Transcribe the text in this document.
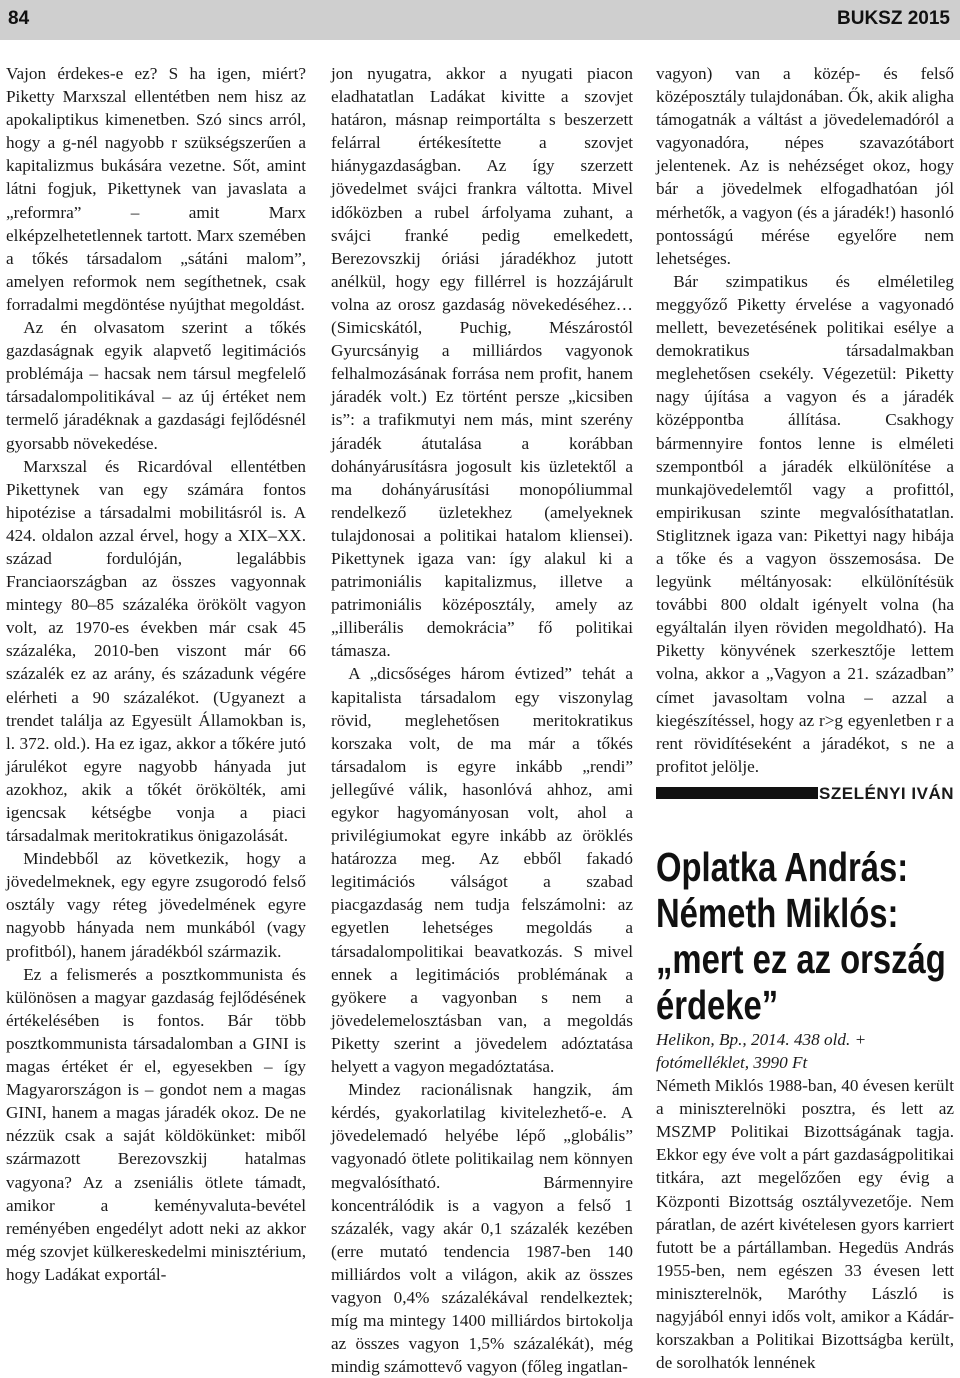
84	BUKSZ 2015

Vajon érdekes-e ez? S ha igen, miért? Piketty Marxszal ellentétben nem hisz az apokaliptikus kimenetben. Szó sincs arról, hogy a g-nél nagyobb r szükségszerűen a kapitalizmus bukására vezetne. Sőt, amint látni fogjuk, Pikettynek van javaslata a „reformra” – amit Marx elképzelhetetlennek tartott. Marx szemében a tőkés társadalom „sátáni malom”, amelyen reformok nem segíthetnek, csak forradalmi megdöntése nyújthat megoldást.

Az én olvasatom szerint a tőkés gazdaságnak egyik alapvető legitimációs problémája – hacsak nem társul megfelelő társadalompolitikával – az új értéket nem termelő járadéknak a gazdasági fejlődésnél gyorsabb növekedése.

Marxszal és Ricardóval ellentétben Pikettynek van egy számára fontos hipotézise a társadalmi mobilitásról is. A 424. oldalon azzal érvel, hogy a XIX–XX. század fordulóján, legalábbis Franciaországban az összes vagyonnak mintegy 80–85 százaléka örökölt vagyon volt, az 1970-es években már csak 45 százaléka, 2010-ben viszont már 66 százalék ez az arány, és századunk végére elérheti a 90 százalékot. (Ugyanezt a trendet találja az Egyesült Államokban is, l. 372. old.). Ha ez igaz, akkor a tőkére jutó járulékot egyre nagyobb hányada jut azokhoz, akik a tőkét örökölték, ami igencsak kétségbe vonja a piaci társadalmak meritokratikus önigazolását.

Mindebből az következik, hogy a jövedelmeknek, egy egyre zsugorodó felső osztály vagy réteg jövedelmének egyre nagyobb hányada nem munkából (vagy profitból), hanem járadékból származik.

Ez a felismerés a posztkommunista és különösen a magyar gazdaság fejlődésének értékelésében is fontos. Bár több posztkommunista társadalomban a GINI is magas értéket ér el, egyesekben – így Magyarországon is – gondot nem a magas GINI, hanem a magas járadék okoz. De ne nézzük csak a saját köldökünket: miből származott Berezovszkij hatalmas vagyona? Az a zseniális ötlete támadt, amikor a keményvaluta-bevétel reményében engedélyt adott neki az akkor még szovjet külkereskedelmi minisztérium, hogy Ladákat exportál-

jon nyugatra, akkor a nyugati piacon eladhatatlan Ladákat kivitte a szovjet határon, másnap reimportálta s beszerzett felárral értékesítette a szovjet hiánygazdaságban. Az így szerzett jövedelmet svájci frankra váltotta. Mivel időközben a rubel árfolyama zuhant, a svájci franké pedig emelkedett, Berezovszkij óriási járadékhoz jutott anélkül, hogy egy fillérrel is hozzájárult volna az orosz gazdaság növekedéséhez… (Simicskától, Puchig, Mészárostól Gyurcsányig a milliárdos vagyonok felhalmozásának forrása nem profit, hanem járadék volt.) Ez történt persze „kicsiben is”: a trafikmutyi nem más, mint szerény járadék átutalása a korábban dohányárusításra jogosult kis üzletektől a ma dohányárusítási monopóliummal rendelkező üzletekhez (amelyeknek tulajdonosai a politikai hatalom kliensei). Pikettynek igaza van: így alakul ki a patrimoniális kapitalizmus, illetve a patrimoniális középosztály, amely az „illiberális demokrácia” fő politikai támasza.

A „dicsőséges három évtized” tehát a kapitalista társadalom egy viszonylag rövid, meglehetősen meritokratikus korszaka volt, de ma már a tőkés társadalom is egyre inkább „rendi” jellegűvé válik, hasonlóvá ahhoz, ami egykor hagyományosan volt, ahol a privilégiumokat egyre inkább az öröklés határozza meg. Az ebből fakadó legitimációs válságot a szabad piacgazdaság nem tudja felszámolni: az egyetlen lehetséges megoldás a társadalompolitikai beavatkozás. S mivel ennek a legitimációs problémának a gyökere a vagyonban s nem a jövedelemelosztásban van, a megoldás Piketty szerint a jövedelem adóztatása helyett a vagyon megadóztatása.

Mindez racionálisnak hangzik, ám kérdés, gyakorlatilag kivitelezhető-e. A jövedelemadó helyébe lépő „globális” vagyonadó ötlete politikailag nem könnyen megvalósítható. Bármennyire koncentrálódik is a vagyon a felső 1 százalék, vagy akár 0,1 százalék kezében (erre mutató tendencia 1987-ben 140 milliárdos volt a világon, akik az összes vagyon 0,4% százalékával rendelkeztek; míg ma mintegy 1400 milliárdos birtokolja az összes vagyon 1,5% százalékát), még mindig számottevő vagyon (főleg ingatlan-

vagyon) van a közép- és felső középosztály tulajdonában. Ők, akik aligha támogatnák a váltást a jövedelemadóról a vagyonadóra, népes szavazótábort jelentenek. Az is nehézséget okoz, hogy bár a jövedelmek elfogadhatóan jól mérhetők, a vagyon (és a járadék!) hasonló pontosságú mérése egyelőre nem lehetséges.

Bár szimpatikus és elméletileg meggyőző Piketty érvelése a vagyonadó mellett, bevezetésének politikai esélye a demokratikus társadalmakban meglehetősen csekély. Végezetül: Piketty nagy újítása a vagyon és a járadék középpontba állítása. Csakhogy bármennyire fontos lenne is elméleti szempontból a járadék elkülönítése a munkajövedelemtől vagy a profittól, empirikusan szinte megvalósíthatatlan. Stiglitznek igaza van: Pikettyi nagy hibája a tőke és a vagyon összemosása. De legyünk méltányosak: elkülönítésük további 800 oldalt igényelt volna (ha egyáltalán ilyen röviden megoldható). Ha Piketty könyvének szerkesztője lettem volna, akkor a „Vagyon a 21. században” címet javasoltam volna – azzal a kiegészítéssel, hogy az r>g egyenletben r a rent rövidítéseként a járadékot, s ne a profitot jelölje.

SZELÉNYI IVÁN
Oplatka András:
Németh Miklós:
„mert ez az ország
érdeke”

Helikon, Bp., 2014. 438 old. + fotómelléklet, 3990 Ft

Németh Miklós 1988-ban, 40 évesen került a miniszterelnöki posztra, és lett az MSZMP Politikai Bizottságának tagja. Ekkor egy éve volt a párt gazdaságpolitikai titkára, azt megelőzően egy évig a Központi Bizottság osztályvezetője. Nem páratlan, de azért kivételesen gyors karriert futott be a pártállamban. Hegedüs András 1955-ben, nem egészen 33 évesen lett miniszterelnök, Maróthy László is nagyjából ennyi idős volt, amikor a Kádár-korszakban a Politikai Bizottságba került, de sorolhatók lennének
